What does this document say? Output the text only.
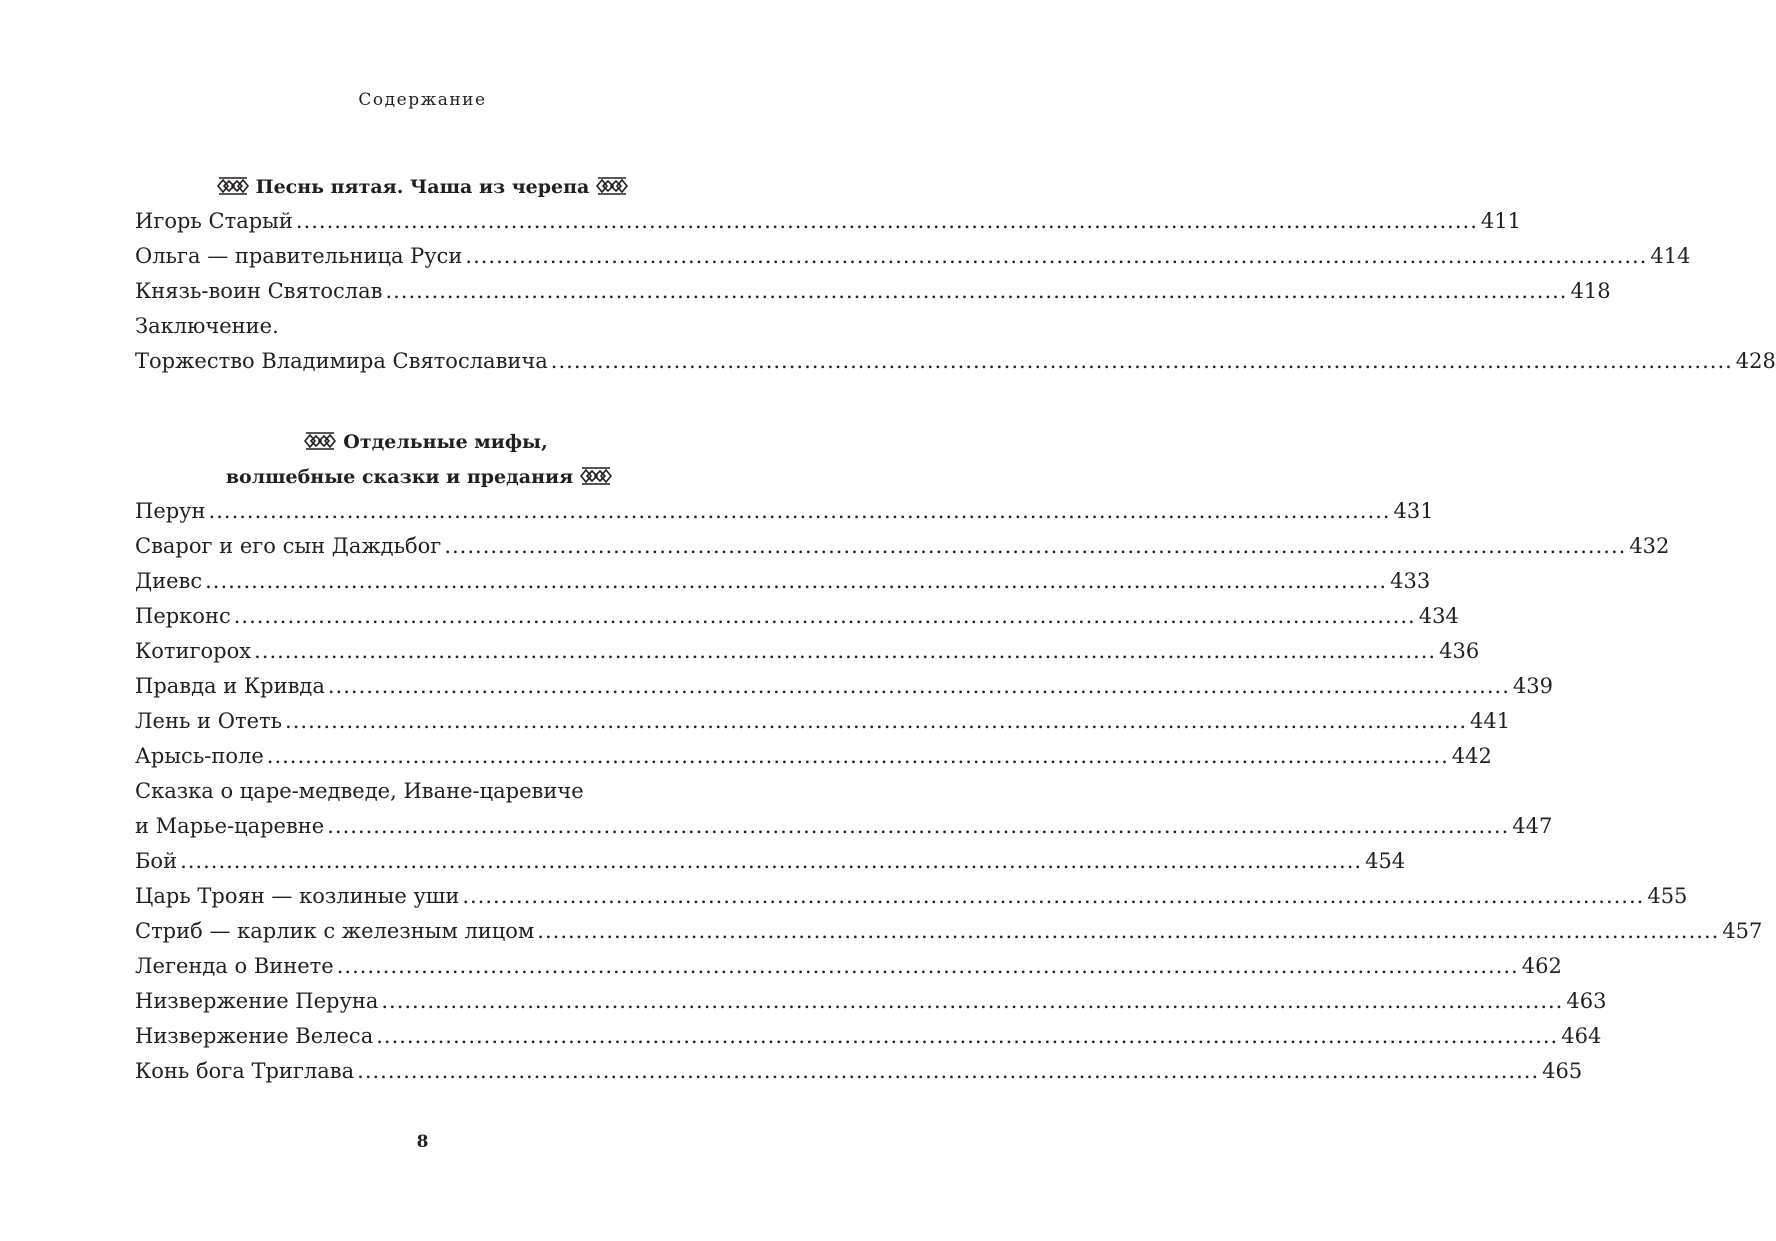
Содержание
Песнь пятая. Чаша из черепа
Игорь Старый .......................................................................................................................................................... 411
Ольга — правительница Руси .......................................................................................................................................................... 414
Князь-воин Святослав .......................................................................................................................................................... 418
Заключение.
Торжество Владимира Святославича .......................................................................................................................................................... 428
Отдельные мифы,
волшебные сказки и предания
Перун .......................................................................................................................................................... 431
Сварог и его сын Даждьбог .......................................................................................................................................................... 432
Диевс .......................................................................................................................................................... 433
Перконс .......................................................................................................................................................... 434
Котигорох .......................................................................................................................................................... 436
Правда и Кривда .......................................................................................................................................................... 439
Лень и Отеть .......................................................................................................................................................... 441
Арысь-поле .......................................................................................................................................................... 442
Сказка о царе-медведе, Иване-царевиче
и Марье-царевне .......................................................................................................................................................... 447
Бой .......................................................................................................................................................... 454
Царь Троян — козлиные уши .......................................................................................................................................................... 455
Стриб — карлик с железным лицом .......................................................................................................................................................... 457
Легенда о Винете .......................................................................................................................................................... 462
Низвержение Перуна .......................................................................................................................................................... 463
Низвержение Велеса .......................................................................................................................................................... 464
Конь бога Триглава .......................................................................................................................................................... 465
8
